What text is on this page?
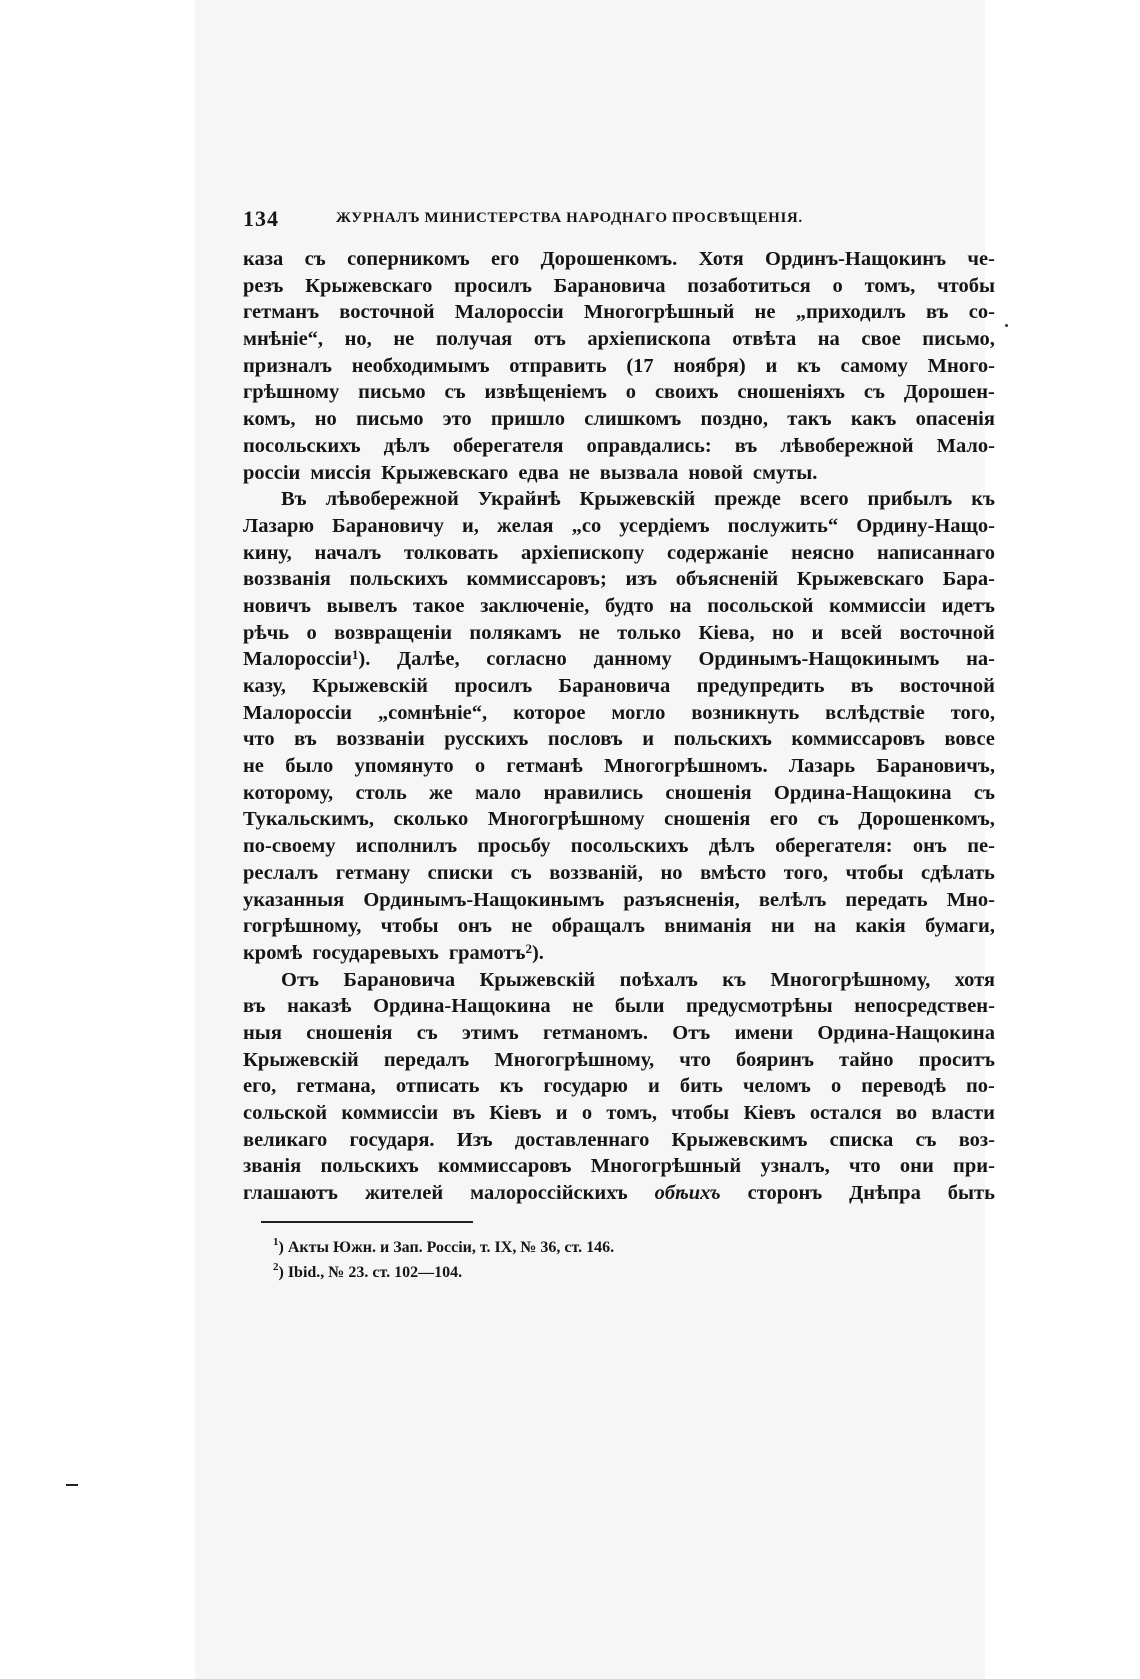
134	ЖУРНАЛЪ МИНИСТЕРСТВА НАРОДНАГО ПРОСВѢЩЕНІЯ.
каза съ соперникомъ его Дорошенкомъ. Хотя Ординъ-Нащокинъ че-
резъ Крыжевскаго просилъ Барановича позаботиться о томъ, чтобы
гетманъ восточной Малороссіи Многогрѣшный не „приходилъ въ со-
мнѣніе“, но, не получая отъ архіепископа отвѣта на свое письмо,
призналъ необходимымъ отправить (17 ноября) и къ самому Много-
грѣшному письмо съ извѣщеніемъ о своихъ сношеніяхъ съ Дорошен-
комъ, но письмо это пришло слишкомъ поздно, такъ какъ опасенія
посольскихъ дѣлъ оберегателя оправдались: въ лѣвобережной Мало-
россіи миссія Крыжевскаго едва не вызвала новой смуты.
Въ лѣвобережной Украйнѣ Крыжевскій прежде всего прибылъ къ
Лазарю Барановичу и, желая „со усердіемъ послужить“ Ордину-Нащо-
кину, началъ толковать архіепископу содержаніе неясно написаннаго
воззванія польскихъ коммиссаровъ; изъ объясненій Крыжевскаго Бара-
новичъ вывелъ такое заключеніе, будто на посольской коммиссіи идетъ
рѣчь о возвращеніи полякамъ не только Кіева, но и всей восточной
Малороссіи$^1$). Далѣе, согласно данному Ординымъ-Нащокинымъ на-
казу, Крыжевскій просилъ Барановича предупредить въ восточной
Малороссіи „сомнѣніе“, которое могло возникнуть вслѣдствіе того,
что въ воззваніи русскихъ пословъ и польскихъ коммиссаровъ вовсе
не было упомянуто о гетманѣ Многогрѣшномъ. Лазарь Барановичъ,
которому, столь же мало нравились сношенія Ордина-Нащокина съ
Тукальскимъ, сколько Многогрѣшному сношенія его съ Дорошенкомъ,
по-своему исполнилъ просьбу посольскихъ дѣлъ оберегателя: онъ пе-
реслалъ гетману списки съ воззваній, но вмѣсто того, чтобы сдѣлать
указанныя Ординымъ-Нащокинымъ разъясненія, велѣлъ передать Мно-
гогрѣшному, чтобы онъ не обращалъ вниманія ни на какія бумаги,
кромѣ государевыхъ грамотъ$^2$).
Отъ Барановича Крыжевскій поѣхалъ къ Многогрѣшному, хотя
въ наказѣ Ордина-Нащокина не были предусмотрѣны непосредствен-
ныя сношенія съ этимъ гетманомъ. Отъ имени Ордина-Нащокина
Крыжевскій передалъ Многогрѣшному, что бояринъ тайно проситъ
его, гетмана, отписать къ государю и бить челомъ о переводѣ по-
сольской коммиссіи въ Кіевъ и о томъ, чтобы Кіевъ остался во власти
великаго государя. Изъ доставленнаго Крыжевскимъ списка съ воз-
званія польскихъ коммиссаровъ Многогрѣшный узналъ, что они при-
глашаютъ жителей малороссійскихъ обѣихъ сторонъ Днѣпра быть
$^1$) Акты Южн. и Зап. Россіи, т. IX, № 36, ст. 146.
$^2$) Ibid., № 23. ст. 102—104.
